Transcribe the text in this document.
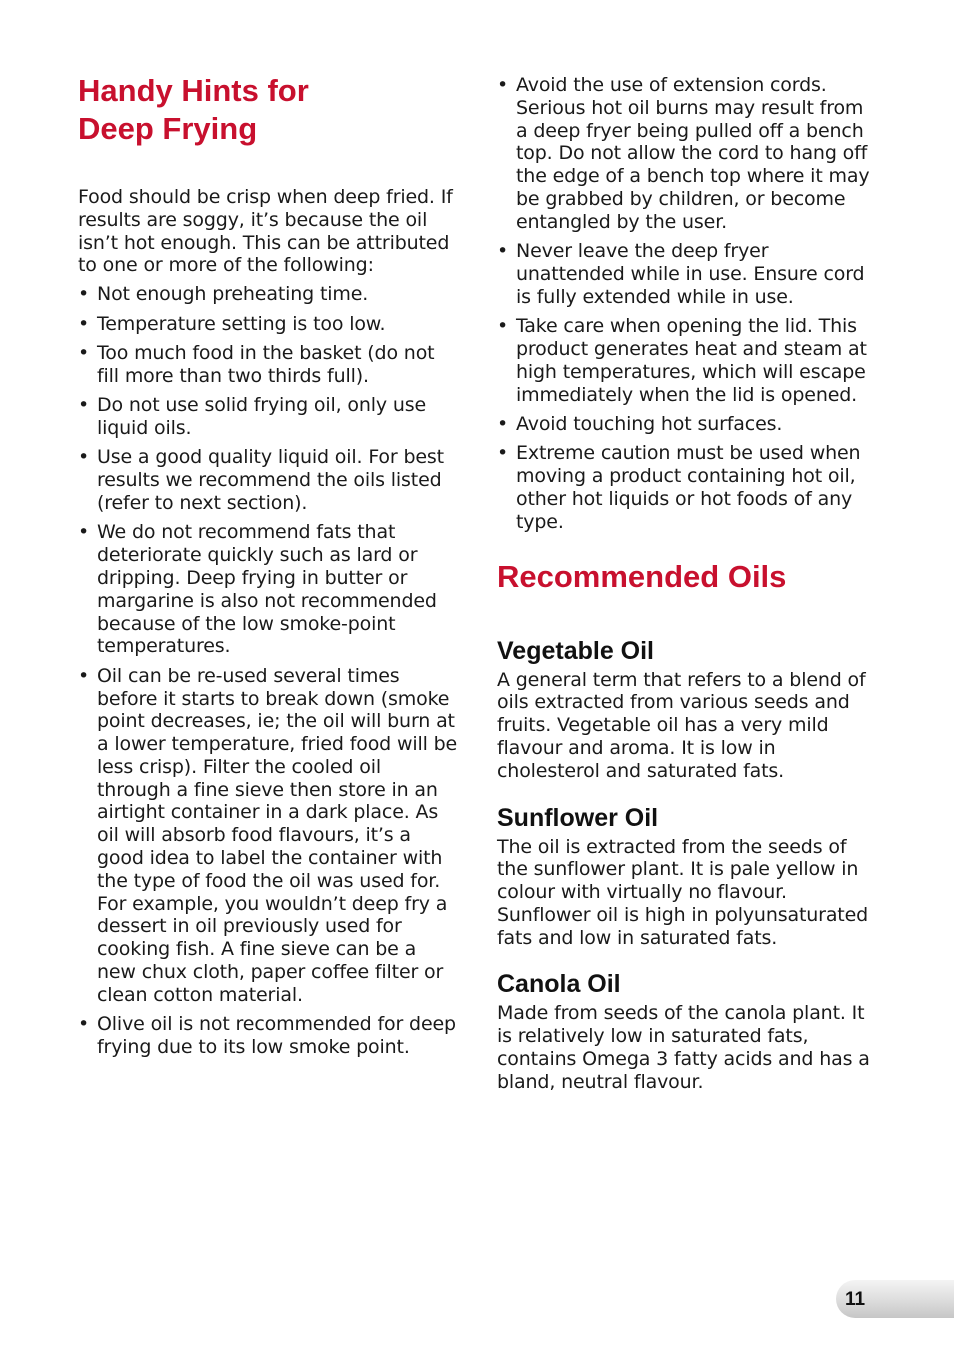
Handy Hints for
Deep Frying

Food should be crisp when deep fried. If results are soggy, it’s because the oil isn’t hot enough. This can be attributed to one or more of the following:

• Not enough preheating time.
• Temperature setting is too low.
• Too much food in the basket (do not fill more than two thirds full).
• Do not use solid frying oil, only use liquid oils.
• Use a good quality liquid oil. For best results we recommend the oils listed (refer to next section).
• We do not recommend fats that deteriorate quickly such as lard or dripping. Deep frying in butter or margarine is also not recommended because of the low smoke-point temperatures.
• Oil can be re-used several times before it starts to break down (smoke point decreases, ie; the oil will burn at a lower temperature, fried food will be less crisp). Filter the cooled oil through a fine sieve then store in an airtight container in a dark place. As oil will absorb food flavours, it’s a good idea to label the container with the type of food the oil was used for. For example, you wouldn’t deep fry a dessert in oil previously used for cooking fish. A fine sieve can be a new chux cloth, paper coffee filter or clean cotton material.
• Olive oil is not recommended for deep frying due to its low smoke point.
• Avoid the use of extension cords. Serious hot oil burns may result from a deep fryer being pulled off a bench top. Do not allow the cord to hang off the edge of a bench top where it may be grabbed by children, or become entangled by the user.
• Never leave the deep fryer unattended while in use. Ensure cord is fully extended while in use.
• Take care when opening the lid. This product generates heat and steam at high temperatures, which will escape immediately when the lid is opened.
• Avoid touching hot surfaces.
• Extreme caution must be used when moving a product containing hot oil, other hot liquids or hot foods of any type.
Recommended Oils
Vegetable Oil

A general term that refers to a blend of oils extracted from various seeds and fruits. Vegetable oil has a very mild flavour and aroma. It is low in cholesterol and saturated fats.

Sunflower Oil

The oil is extracted from the seeds of the sunflower plant. It is pale yellow in colour with virtually no flavour. Sunflower oil is high in polyunsaturated fats and low in saturated fats.

Canola Oil

Made from seeds of the canola plant. It is relatively low in saturated fats, contains Omega 3 fatty acids and has a bland, neutral flavour.

11
